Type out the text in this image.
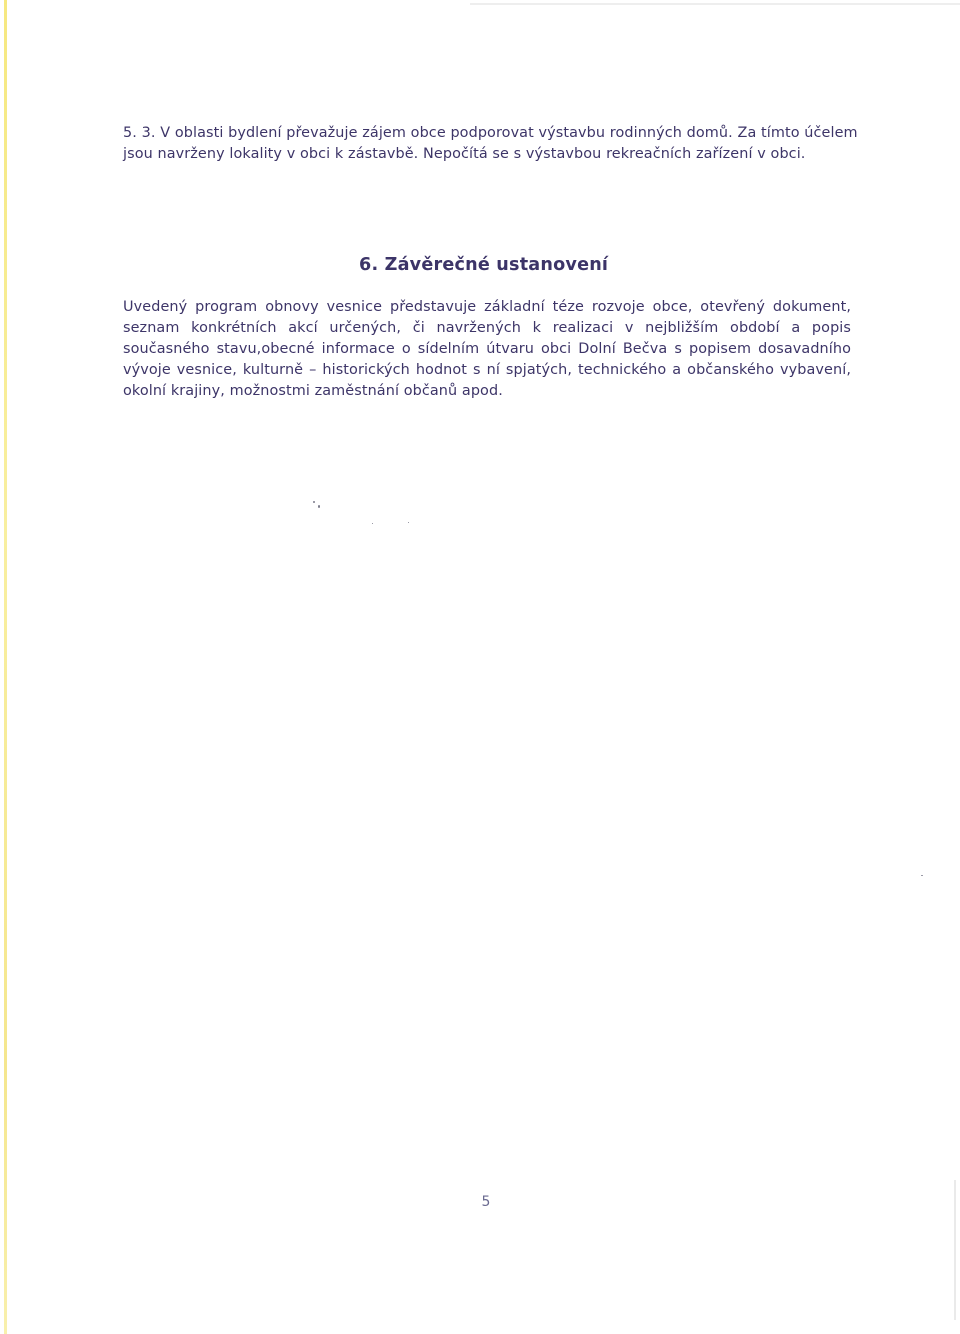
5. 3. V oblasti bydlení převažuje zájem obce podporovat výstavbu rodinných domů. Za tímto účelem jsou navrženy lokality v obci k zástavbě. Nepočítá se s výstavbou rekreačních zařízení v obci.

6. Závěrečné ustanovení

Uvedený program obnovy vesnice představuje základní téze rozvoje obce, otevřený dokument, seznam konkrétních akcí určených, či navržených k realizaci v nejbližším období a popis současného stavu,obecné informace o sídelním útvaru obci Dolní Bečva s popisem dosavadního vývoje vesnice, kulturně – historických hodnot s ní spjatých, technického a občanského vybavení, okolní krajiny, možnostmi zaměstnání občanů apod.

5
